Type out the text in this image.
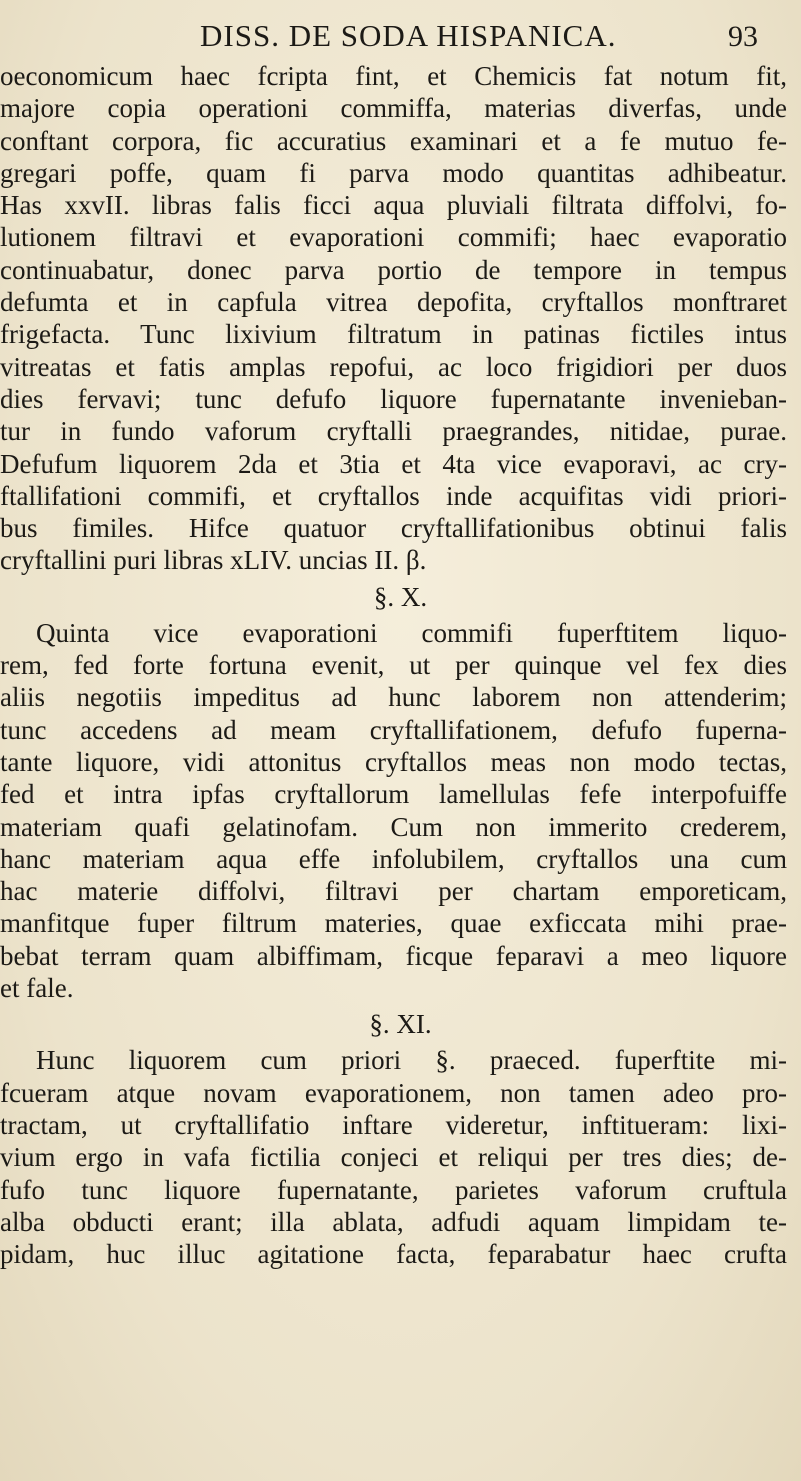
DISS. DE SODA HISPANICA.	93
oeconomicum haec fcripta fint, et Chemicis fat notum fit,
majore copia operationi commiffa, materias diverfas, unde
conftant corpora, fic accuratius examinari et a fe mutuo fe-
gregari poffe, quam fi parva modo quantitas adhibeatur.
Has xxvII. libras falis ficci aqua pluviali filtrata diffolvi, fo-
lutionem filtravi et evaporationi commifi; haec evaporatio
continuabatur, donec parva portio de tempore in tempus
defumta et in capfula vitrea depofita, cryftallos monftraret
frigefacta. Tunc lixivium filtratum in patinas fictiles intus
vitreatas et fatis amplas repofui, ac loco frigidiori per duos
dies fervavi; tunc defufo liquore fupernatante invenieban-
tur in fundo vaforum cryftalli praegrandes, nitidae, purae.
Defufum liquorem 2da et 3tia et 4ta vice evaporavi, ac cry-
ftallifationi commifi, et cryftallos inde acquifitas vidi priori-
bus fimiles. Hifce quatuor cryftallifationibus obtinui falis
cryftallini puri libras xLIV. uncias II. β.
§. X.
Quinta vice evaporationi commifi fuperftitem liquo-
rem, fed forte fortuna evenit, ut per quinque vel fex dies
aliis negotiis impeditus ad hunc laborem non attenderim;
tunc accedens ad meam cryftallifationem, defufo fuperna-
tante liquore, vidi attonitus cryftallos meas non modo tectas,
fed et intra ipfas cryftallorum lamellulas fefe interpofuiffe
materiam quafi gelatinofam. Cum non immerito crederem,
hanc materiam aqua effe infolubilem, cryftallos una cum
hac materie diffolvi, filtravi per chartam emporeticam,
manfitque fuper filtrum materies, quae exficcata mihi prae-
bebat terram quam albiffimam, ficque feparavi a meo liquore
et fale.
§. XI.
Hunc liquorem cum priori §. praeced. fuperftite mi-
fcueram atque novam evaporationem, non tamen adeo pro-
tractam, ut cryftallifatio inftare videretur, inftitueram: lixi-
vium ergo in vafa fictilia conjeci et reliqui per tres dies; de-
fufo tunc liquore fupernatante, parietes vaforum cruftula
alba obducti erant; illa ablata, adfudi aquam limpidam te-
pidam, huc illuc agitatione facta, feparabatur haec crufta
